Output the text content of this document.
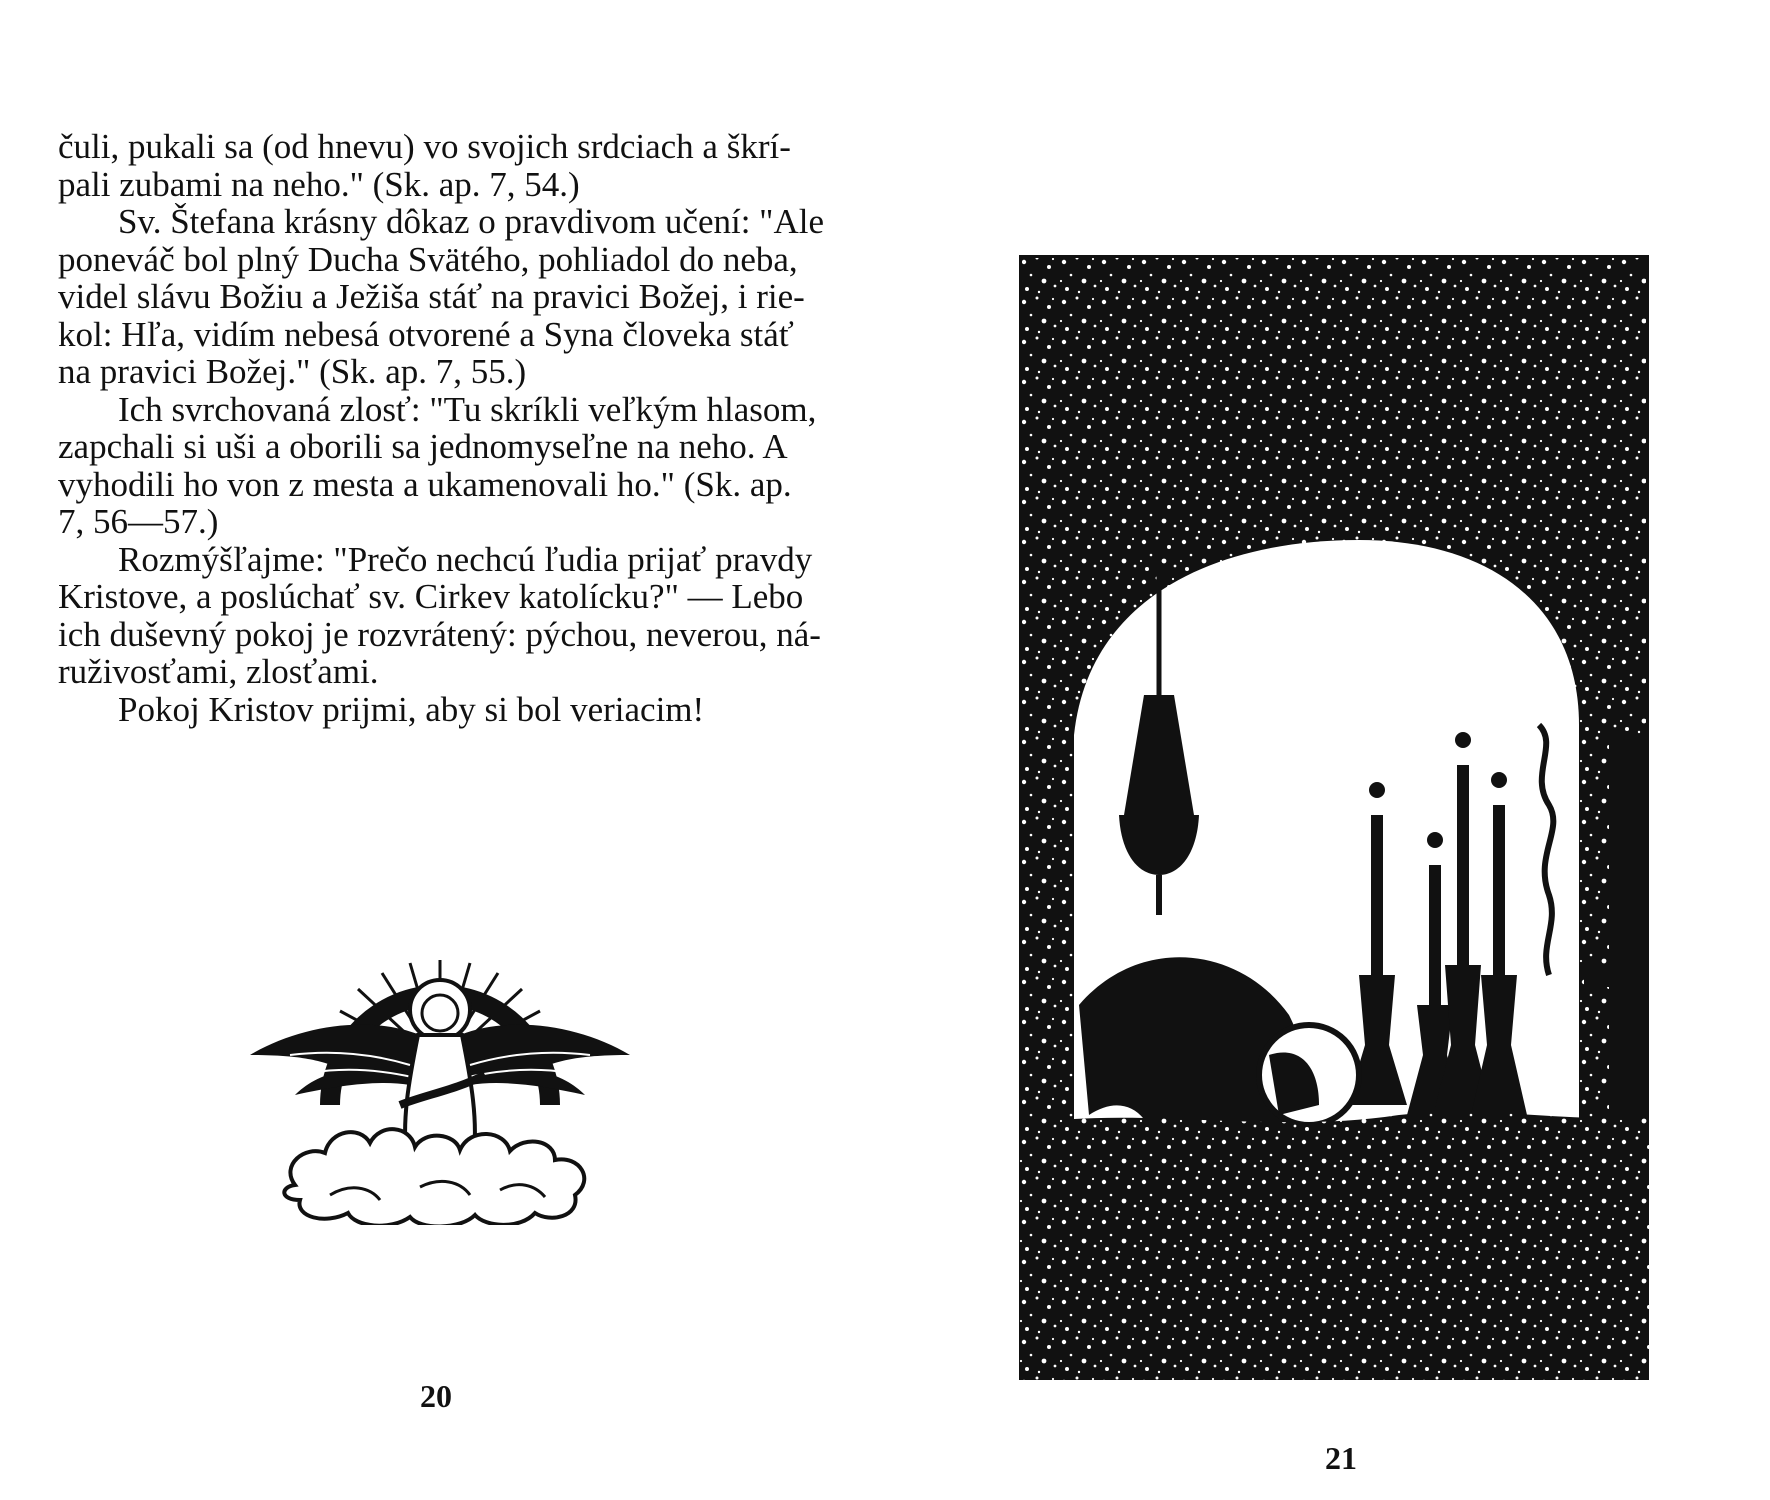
čuli, pukali sa (od hnevu) vo svojich srdciach a škrí-
pali zubami na neho." (Sk. ap. 7, 54.)
Sv. Štefana krásny dôkaz o pravdivom učení: "Ale
poneváč bol plný Ducha Svätého, pohliadol do neba,
videl slávu Božiu a Ježiša stáť na pravici Božej, i rie-
kol: Hľa, vidím nebesá otvorené a Syna človeka stáť
na pravici Božej." (Sk. ap. 7, 55.)
Ich svrchovaná zlosť: "Tu skríkli veľkým hlasom,
zapchali si uši a oborili sa jednomyseľne na neho. A
vyhodili ho von z mesta a ukamenovali ho." (Sk. ap.
7, 56—57.)
Rozmýšľajme: "Prečo nechcú ľudia prijať pravdy
Kristove, a poslúchať sv. Cirkev katolícku?" — Lebo
ich duševný pokoj je rozvrátený: pýchou, neverou, ná-
ruživosťami, zlosťami.
Pokoj Kristov prijmi, aby si bol veriacim!
20
21
